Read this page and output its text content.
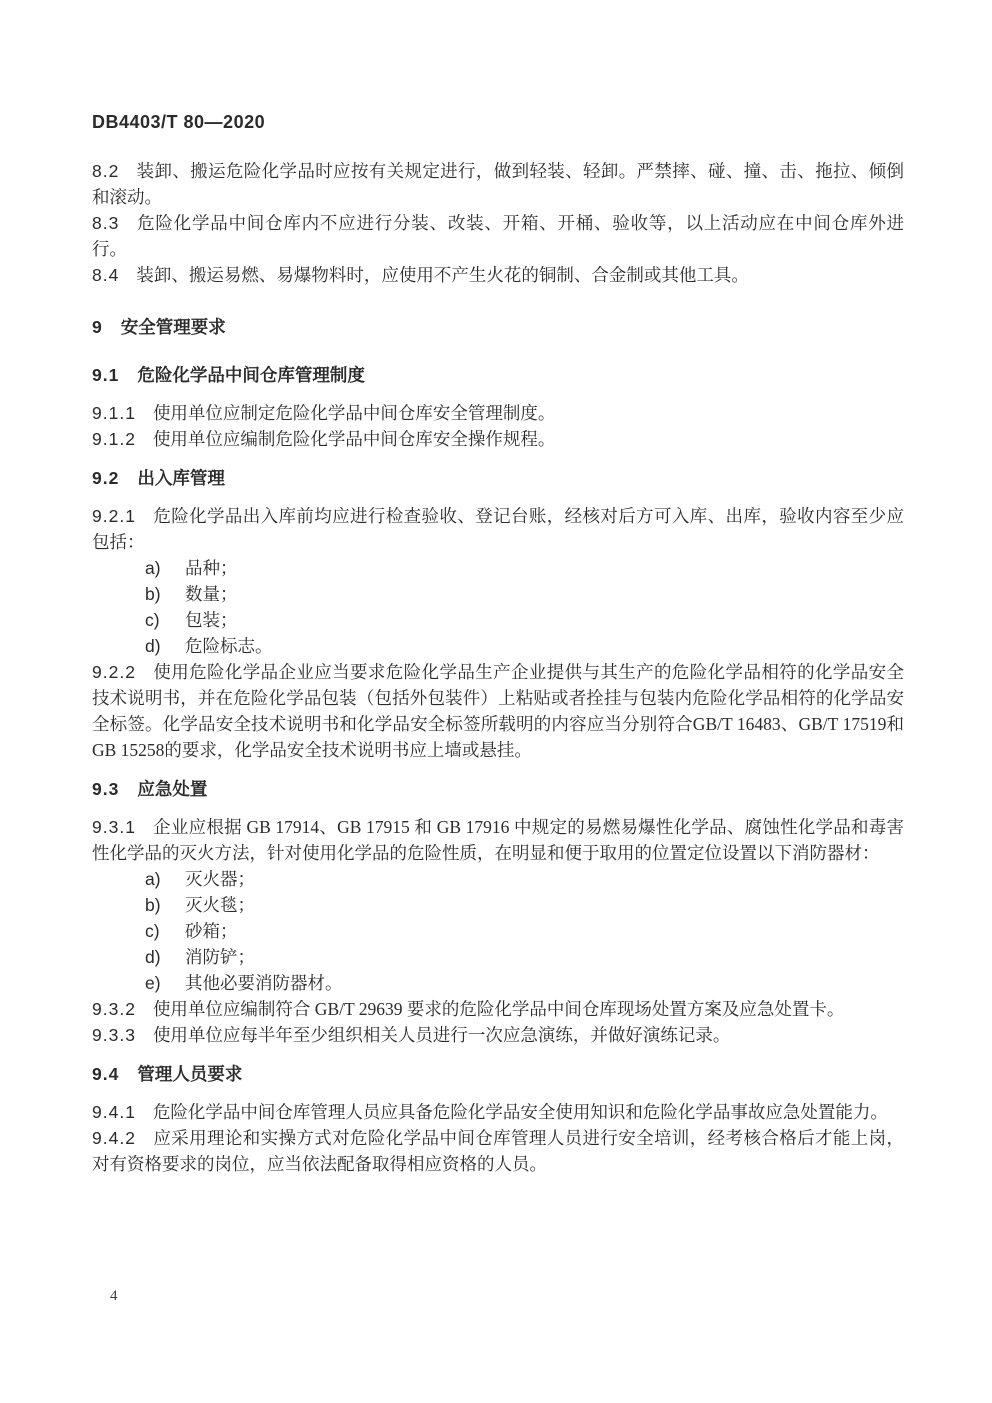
DB4403/T 80—2020

8.2 装卸、搬运危险化学品时应按有关规定进行，做到轻装、轻卸。严禁摔、碰、撞、击、拖拉、倾倒和滚动。

8.3 危险化学品中间仓库内不应进行分装、改装、开箱、开桶、验收等，以上活动应在中间仓库外进行。

8.4 装卸、搬运易燃、易爆物料时，应使用不产生火花的铜制、合金制或其他工具。

9 安全管理要求

9.1 危险化学品中间仓库管理制度

9.1.1 使用单位应制定危险化学品中间仓库安全管理制度。

9.1.2 使用单位应编制危险化学品中间仓库安全操作规程。

9.2 出入库管理

9.2.1 危险化学品出入库前均应进行检查验收、登记台账，经核对后方可入库、出库，验收内容至少应包括：

a) 品种；

b) 数量；

c) 包装；

d) 危险标志。

9.2.2 使用危险化学品企业应当要求危险化学品生产企业提供与其生产的危险化学品相符的化学品安全技术说明书，并在危险化学品包装（包括外包装件）上粘贴或者拴挂与包装内危险化学品相符的化学品安全标签。化学品安全技术说明书和化学品安全标签所载明的内容应当分别符合GB/T 16483、GB/T 17519和GB 15258的要求，化学品安全技术说明书应上墙或悬挂。

9.3 应急处置

9.3.1 企业应根据 GB 17914、GB 17915 和 GB 17916 中规定的易燃易爆性化学品、腐蚀性化学品和毒害性化学品的灭火方法，针对使用化学品的危险性质，在明显和便于取用的位置定位设置以下消防器材：

a) 灭火器；

b) 灭火毯；

c) 砂箱；

d) 消防铲；

e) 其他必要消防器材。

9.3.2 使用单位应编制符合 GB/T 29639 要求的危险化学品中间仓库现场处置方案及应急处置卡。

9.3.3 使用单位应每半年至少组织相关人员进行一次应急演练，并做好演练记录。

9.4 管理人员要求

9.4.1 危险化学品中间仓库管理人员应具备危险化学品安全使用知识和危险化学品事故应急处置能力。

9.4.2 应采用理论和实操方式对危险化学品中间仓库管理人员进行安全培训，经考核合格后才能上岗，对有资格要求的岗位，应当依法配备取得相应资格的人员。

4
